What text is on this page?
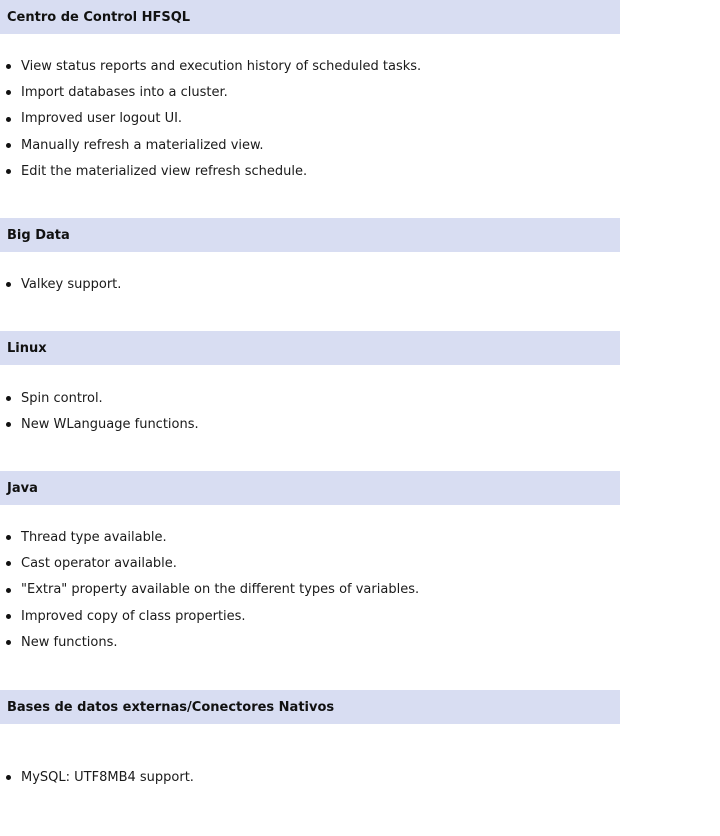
Centro de Control HFSQL
View status reports and execution history of scheduled tasks.
Import databases into a cluster.
Improved user logout UI.
Manually refresh a materialized view.
Edit the materialized view refresh schedule.
Big Data
Valkey support.
Linux
Spin control.
New WLanguage functions.
Java
Thread type available.
Cast operator available.
"Extra" property available on the different types of variables.
Improved copy of class properties.
New functions.
Bases de datos externas/Conectores Nativos
MySQL: UTF8MB4 support.
